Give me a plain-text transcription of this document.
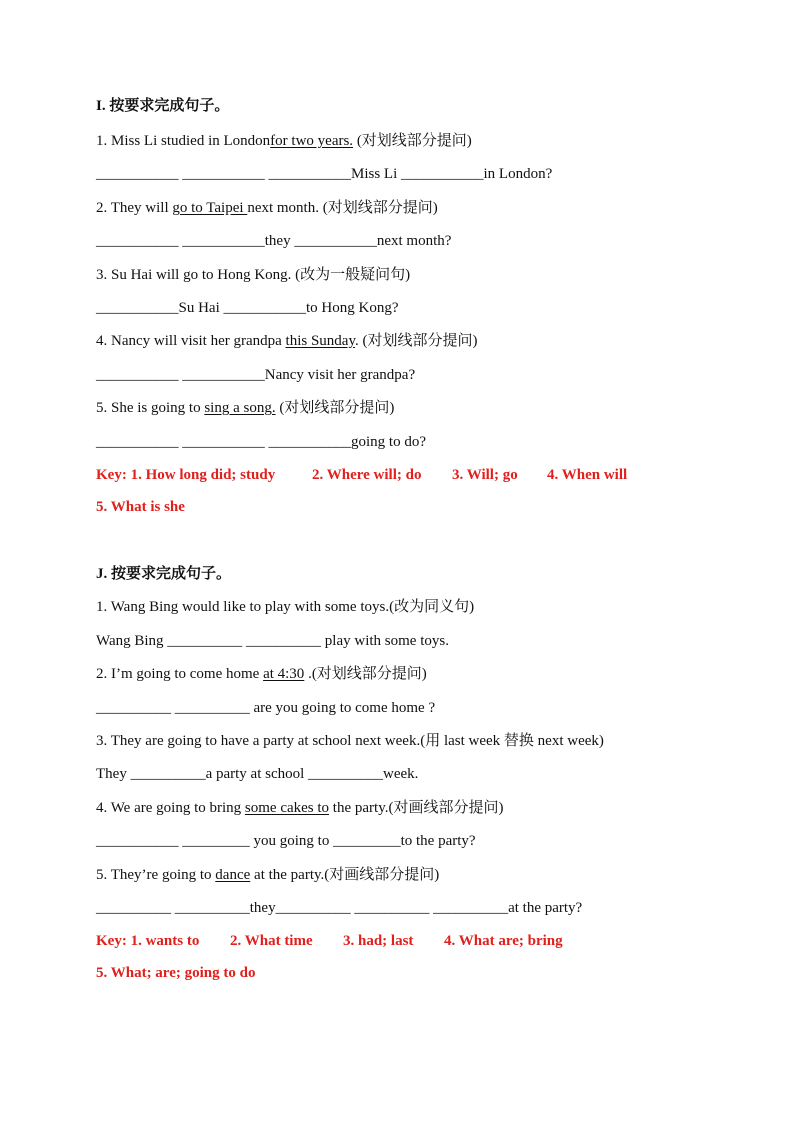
I. 按要求完成句子。
1. Miss Li studied in Londonfor two years. (对划线部分提问)
___________ ___________ ___________Miss Li ___________in London?
2. They will go to Taipei next month. (对划线部分提问)
___________ ___________they ___________next month?
3. Su Hai will go to Hong Kong. (改为一般疑问句)
___________Su Hai ___________to Hong Kong?
4. Nancy will visit her grandpa this Sunday. (对划线部分提问)
___________ ___________Nancy visit her grandpa?
5. She is going to sing a song. (对划线部分提问)
___________ ___________ ___________going to do?
Key: 1. How long did; study 2. Where will; do 3. Will; go 4. When will
5. What is she
J. 按要求完成句子。
1. Wang Bing would like to play with some toys.(改为同义句)
Wang Bing __________ __________ play with some toys.
2. I’m going to come home at 4:30 .(对划线部分提问)
__________ __________ are you going to come home ?
3. They are going to have a party at school next week.(用 last week 替换 next week)
They __________a party at school __________week.
4. We are going to bring some cakes to the party.(对画线部分提问)
___________ _________ you going to _________to the party?
5. They’re going to dance at the party.(对画线部分提问)
__________ __________they__________ __________ __________at the party?
Key: 1. wants to 2. What time 3. had; last 4. What are; bring
5. What; are; going to do
